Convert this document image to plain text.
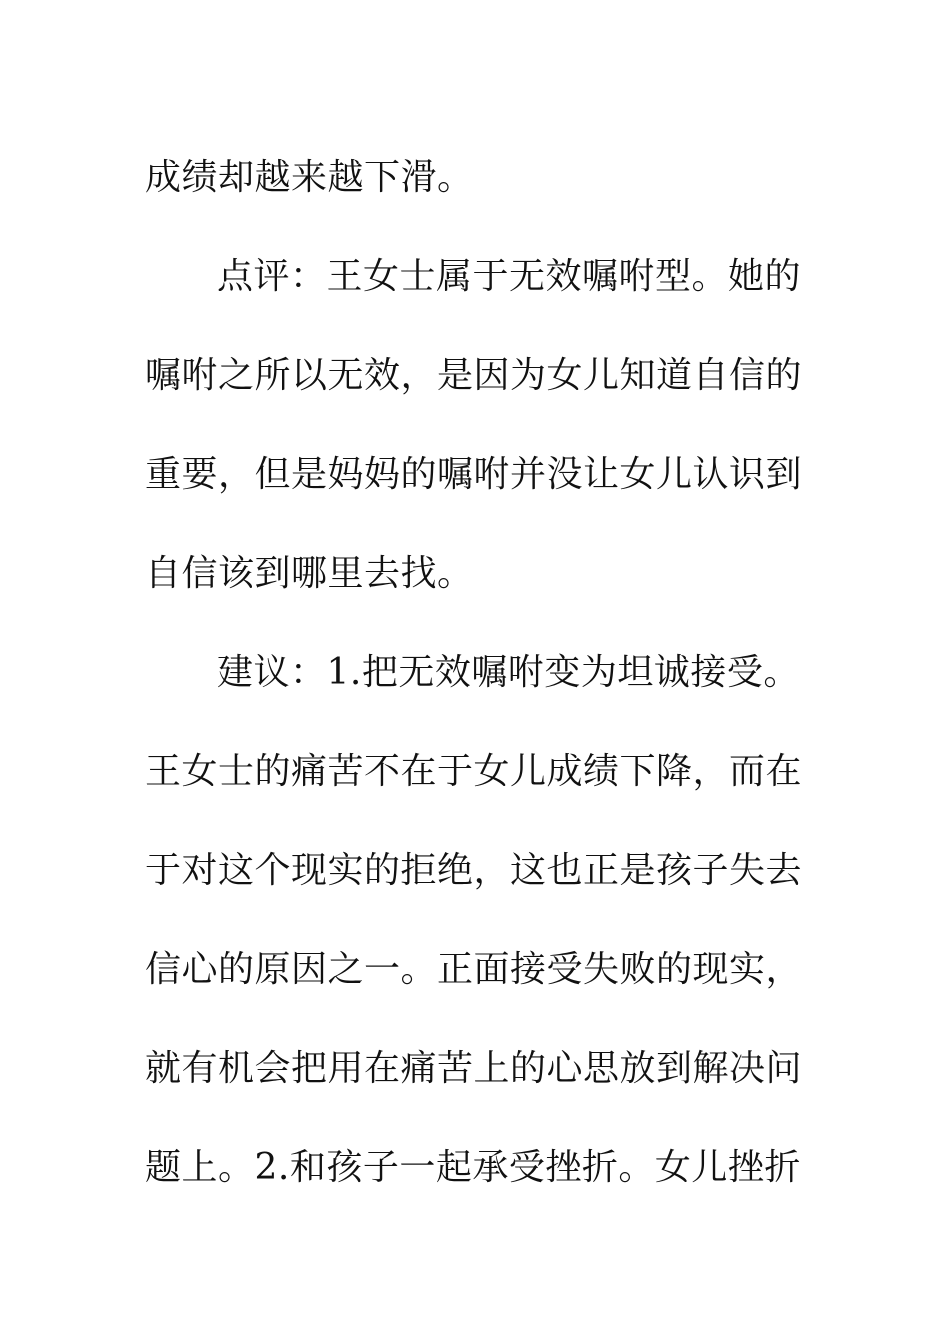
成绩却越来越下滑。
点评：王女士属于无效嘱咐型。她的
嘱咐之所以无效，是因为女儿知道自信的
重要，但是妈妈的嘱咐并没让女儿认识到
自信该到哪里去找。
建议：1.把无效嘱咐变为坦诚接受。
王女士的痛苦不在于女儿成绩下降，而在
于对这个现实的拒绝，这也正是孩子失去
信心的原因之一。正面接受失败的现实，
就有机会把用在痛苦上的心思放到解决问
题上。2.和孩子一起承受挫折。女儿挫折
